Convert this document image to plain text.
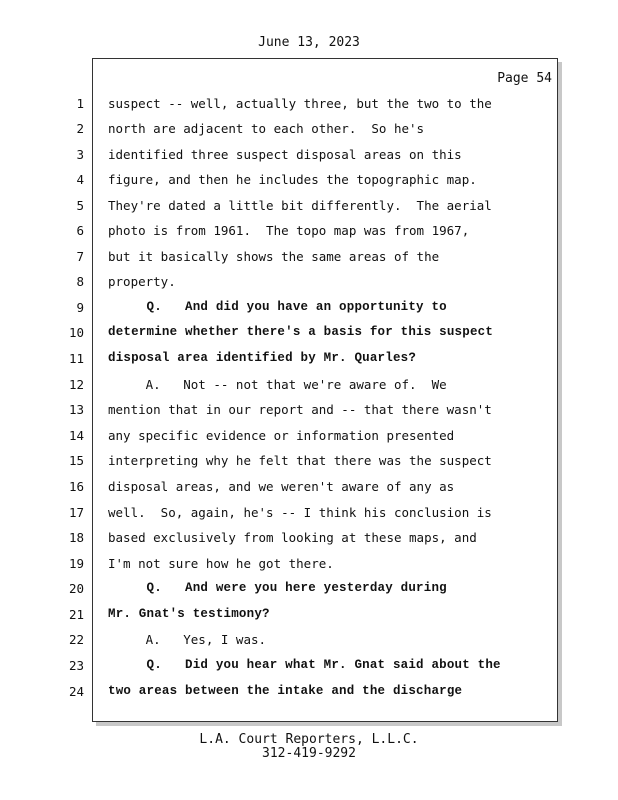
June 13, 2023
Page 54
1
2
3
4
5
6
7
8
9
10
11
12
13
14
15
16
17
18
19
20
21
22
23
24
suspect -- well, actually three, but the two to the
north are adjacent to each other.  So he's
identified three suspect disposal areas on this
figure, and then he includes the topographic map.
They're dated a little bit differently.  The aerial
photo is from 1961.  The topo map was from 1967,
but it basically shows the same areas of the
property.
Q.   And did you have an opportunity to
determine whether there's a basis for this suspect
disposal area identified by Mr. Quarles?
A.   Not -- not that we're aware of.  We
mention that in our report and -- that there wasn't
any specific evidence or information presented
interpreting why he felt that there was the suspect
disposal areas, and we weren't aware of any as
well.  So, again, he's -- I think his conclusion is
based exclusively from looking at these maps, and
I'm not sure how he got there.
Q.   And were you here yesterday during
Mr. Gnat's testimony?
A.   Yes, I was.
Q.   Did you hear what Mr. Gnat said about the
two areas between the intake and the discharge
L.A. Court Reporters, L.L.C.
312-419-9292
